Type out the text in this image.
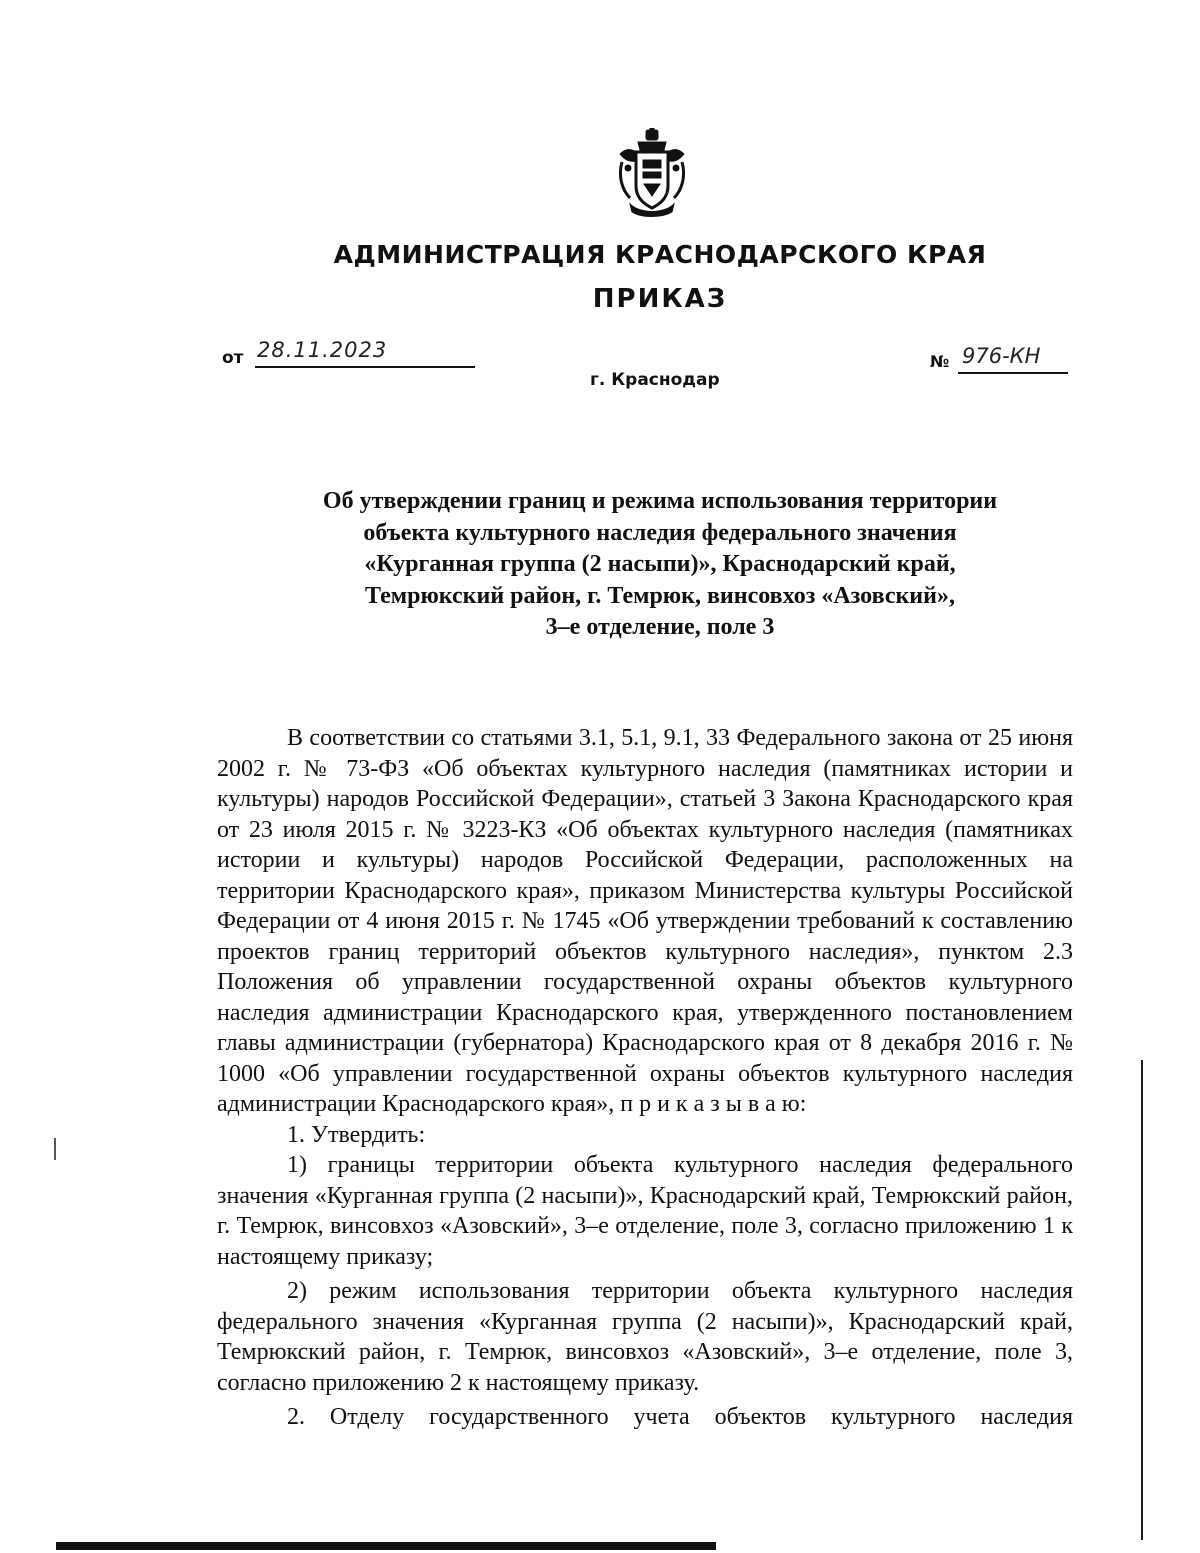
АДМИНИСТРАЦИЯ КРАСНОДАРСКОГО КРАЯ
ПРИКАЗ
от 28.11.2023	№ 976-КН
г. Краснодар
Об утверждении границ и режима использования территории
объекта культурного наследия федерального значения
«Курганная группа (2 насыпи)», Краснодарский край,
Темрюкский район, г. Темрюк, винсовхоз «Азовский»,
3–е отделение, поле 3

В соответствии со статьями 3.1, 5.1, 9.1, 33 Федерального закона от 25 июня 2002 г. № 73-ФЗ «Об объектах культурного наследия (памятниках истории и культуры) народов Российской Федерации», статьей 3 Закона Краснодарского края от 23 июля 2015 г. № 3223-КЗ «Об объектах культурного наследия (памятниках истории и культуры) народов Российской Федерации, расположенных на территории Краснодарского края», приказом Министерства культуры Российской Федерации от 4 июня 2015 г. № 1745 «Об утверждении требований к составлению проектов границ территорий объектов культурного наследия», пунктом 2.3 Положения об управлении государственной охраны объектов культурного наследия администрации Краснодарского края, утвержденного постановлением главы администрации (губернатора) Краснодарского края от 8 декабря 2016 г. № 1000 «Об управлении государственной охраны объектов культурного наследия администрации Краснодарского края», п р и к а з ы в а ю:

1. Утвердить:

1) границы территории объекта культурного наследия федерального значения «Курганная группа (2 насыпи)», Краснодарский край, Темрюкский район, г. Темрюк, винсовхоз «Азовский», 3–е отделение, поле 3, согласно приложению 1 к настоящему приказу;

2) режим использования территории объекта культурного наследия федерального значения «Курганная группа (2 насыпи)», Краснодарский край, Темрюкский район, г. Темрюк, винсовхоз «Азовский», 3–е отделение, поле 3, согласно приложению 2 к настоящему приказу.

2. Отделу государственного учета объектов культурного наследия
